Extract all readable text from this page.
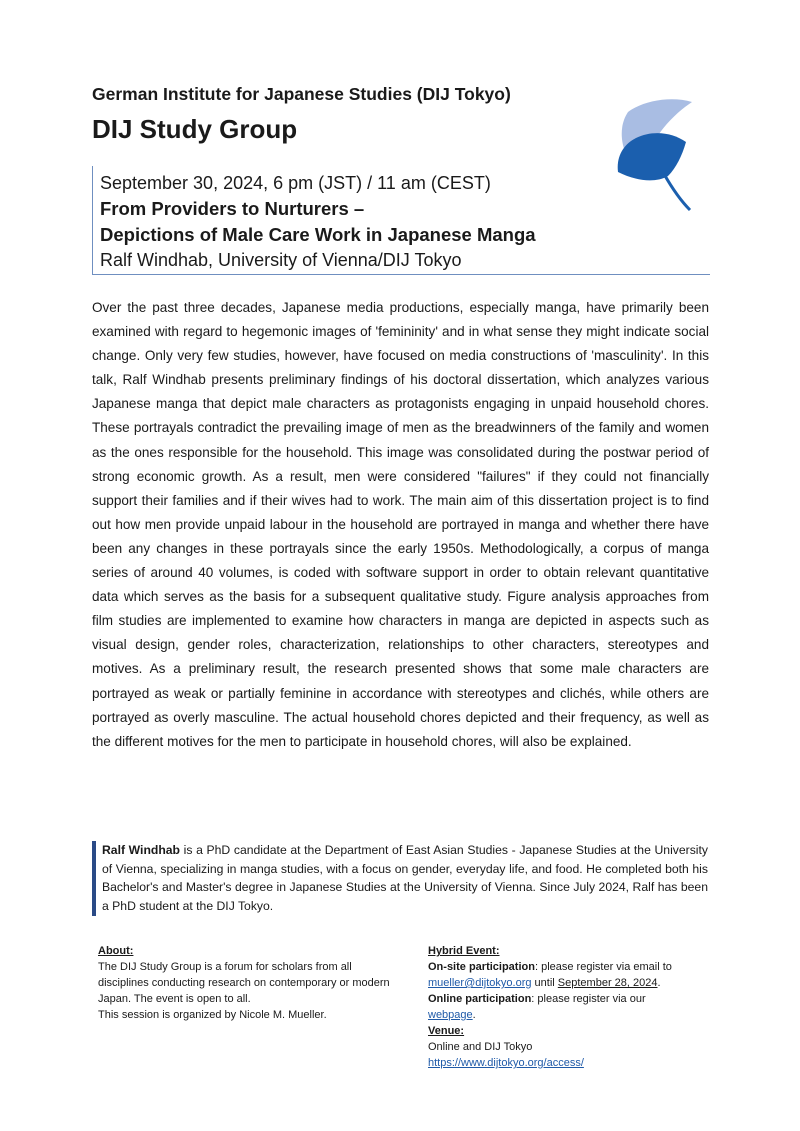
German Institute for Japanese Studies (DIJ Tokyo)
DIJ Study Group
September 30, 2024, 6 pm (JST) / 11 am (CEST)
From Providers to Nurturers –
Depictions of Male Care Work in Japanese Manga
Ralf Windhab, University of Vienna/DIJ Tokyo

Over the past three decades, Japanese media productions, especially manga, have primarily been examined with regard to hegemonic images of 'femininity' and in what sense they might indicate social change. Only very few studies, however, have focused on media constructions of 'masculinity'. In this talk, Ralf Windhab presents preliminary findings of his doctoral dissertation, which analyzes various Japanese manga that depict male characters as protagonists engaging in unpaid household chores. These portrayals contradict the prevailing image of men as the breadwinners of the family and women as the ones responsible for the household. This image was consolidated during the postwar period of strong economic growth. As a result, men were considered "failures" if they could not financially support their families and if their wives had to work. The main aim of this dissertation project is to find out how men provide unpaid labour in the household are portrayed in manga and whether there have been any changes in these portrayals since the early 1950s. Methodologically, a corpus of manga series of around 40 volumes, is coded with software support in order to obtain relevant quantitative data which serves as the basis for a subsequent qualitative study. Figure analysis approaches from film studies are implemented to examine how characters in manga are depicted in aspects such as visual design, gender roles, characterization, relationships to other characters, stereotypes and motives. As a preliminary result, the research presented shows that some male characters are portrayed as weak or partially feminine in accordance with stereotypes and clichés, while others are portrayed as overly masculine. The actual household chores depicted and their frequency, as well as the different motives for the men to participate in household chores, will also be explained.

Ralf Windhab is a PhD candidate at the Department of East Asian Studies - Japanese Studies at the University of Vienna, specializing in manga studies, with a focus on gender, everyday life, and food. He completed both his Bachelor's and Master's degree in Japanese Studies at the University of Vienna. Since July 2024, Ralf has been a PhD student at the DIJ Tokyo.

About:

The DIJ Study Group is a forum for scholars from all disciplines conducting research on contemporary or modern Japan. The event is open to all.

This session is organized by Nicole M. Mueller.

Hybrid Event:

On-site participation: please register via email to
mueller@dijtokyo.org until September 28, 2024.

Online participation: please register via our
webpage.

Venue:

Online and DIJ Tokyo

https://www.dijtokyo.org/access/
